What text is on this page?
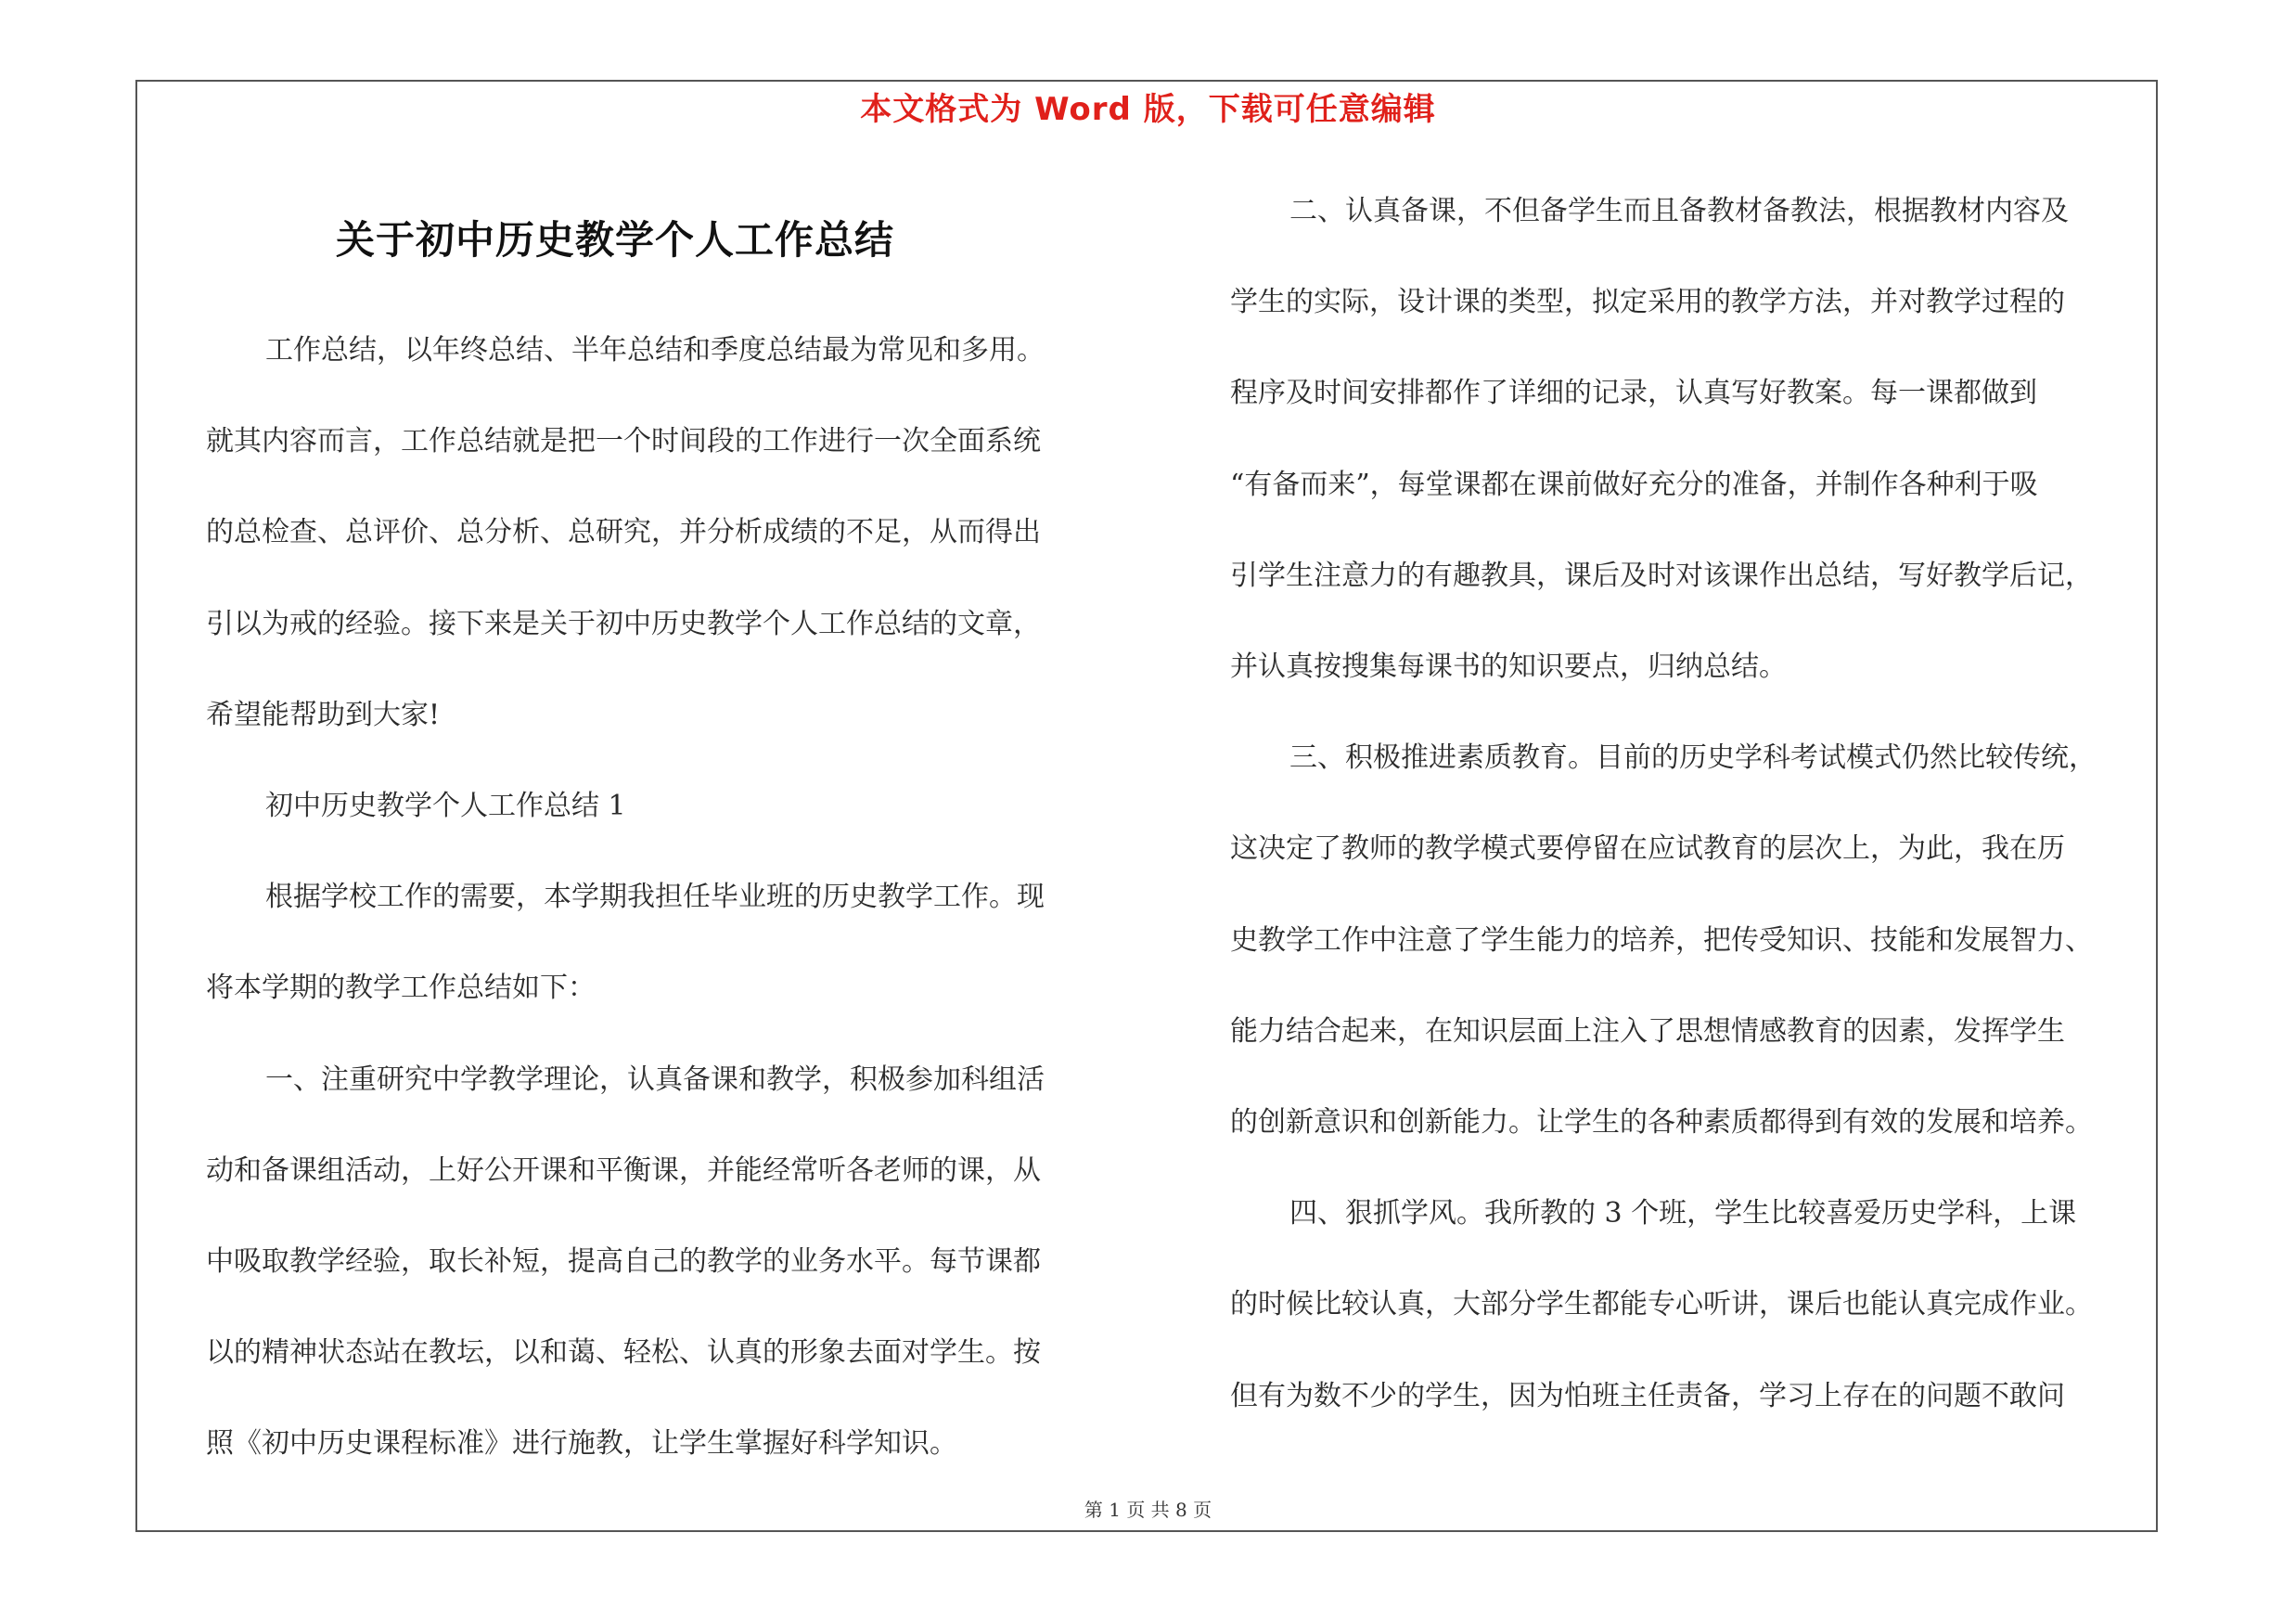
本文格式为 Word 版，下载可任意编辑
关于初中历史教学个人工作总结
工作总结，以年终总结、半年总结和季度总结最为常见和多用。
就其内容而言，工作总结就是把一个时间段的工作进行一次全面系统
的总检查、总评价、总分析、总研究，并分析成绩的不足，从而得出
引以为戒的经验。接下来是关于初中历史教学个人工作总结的文章，
希望能帮助到大家!
初中历史教学个人工作总结 1
根据学校工作的需要，本学期我担任毕业班的历史教学工作。现
将本学期的教学工作总结如下：
一、注重研究中学教学理论，认真备课和教学，积极参加科组活
动和备课组活动，上好公开课和平衡课，并能经常听各老师的课，从
中吸取教学经验，取长补短，提高自己的教学的业务水平。每节课都
以的精神状态站在教坛，以和蔼、轻松、认真的形象去面对学生。按
照《初中历史课程标准》进行施教，让学生掌握好科学知识。
二、认真备课，不但备学生而且备教材备教法，根据教材内容及
学生的实际，设计课的类型，拟定采用的教学方法，并对教学过程的
程序及时间安排都作了详细的记录，认真写好教案。每一课都做到
“有备而来”，每堂课都在课前做好充分的准备，并制作各种利于吸
引学生注意力的有趣教具，课后及时对该课作出总结，写好教学后记，
并认真按搜集每课书的知识要点，归纳总结。
三、积极推进素质教育。目前的历史学科考试模式仍然比较传统，
这决定了教师的教学模式要停留在应试教育的层次上，为此，我在历
史教学工作中注意了学生能力的培养，把传受知识、技能和发展智力、
能力结合起来，在知识层面上注入了思想情感教育的因素，发挥学生
的创新意识和创新能力。让学生的各种素质都得到有效的发展和培养。
四、狠抓学风。我所教的 3 个班，学生比较喜爱历史学科，上课
的时候比较认真，大部分学生都能专心听讲，课后也能认真完成作业。
但有为数不少的学生，因为怕班主任责备，学习上存在的问题不敢问
第 1 页 共 8 页
